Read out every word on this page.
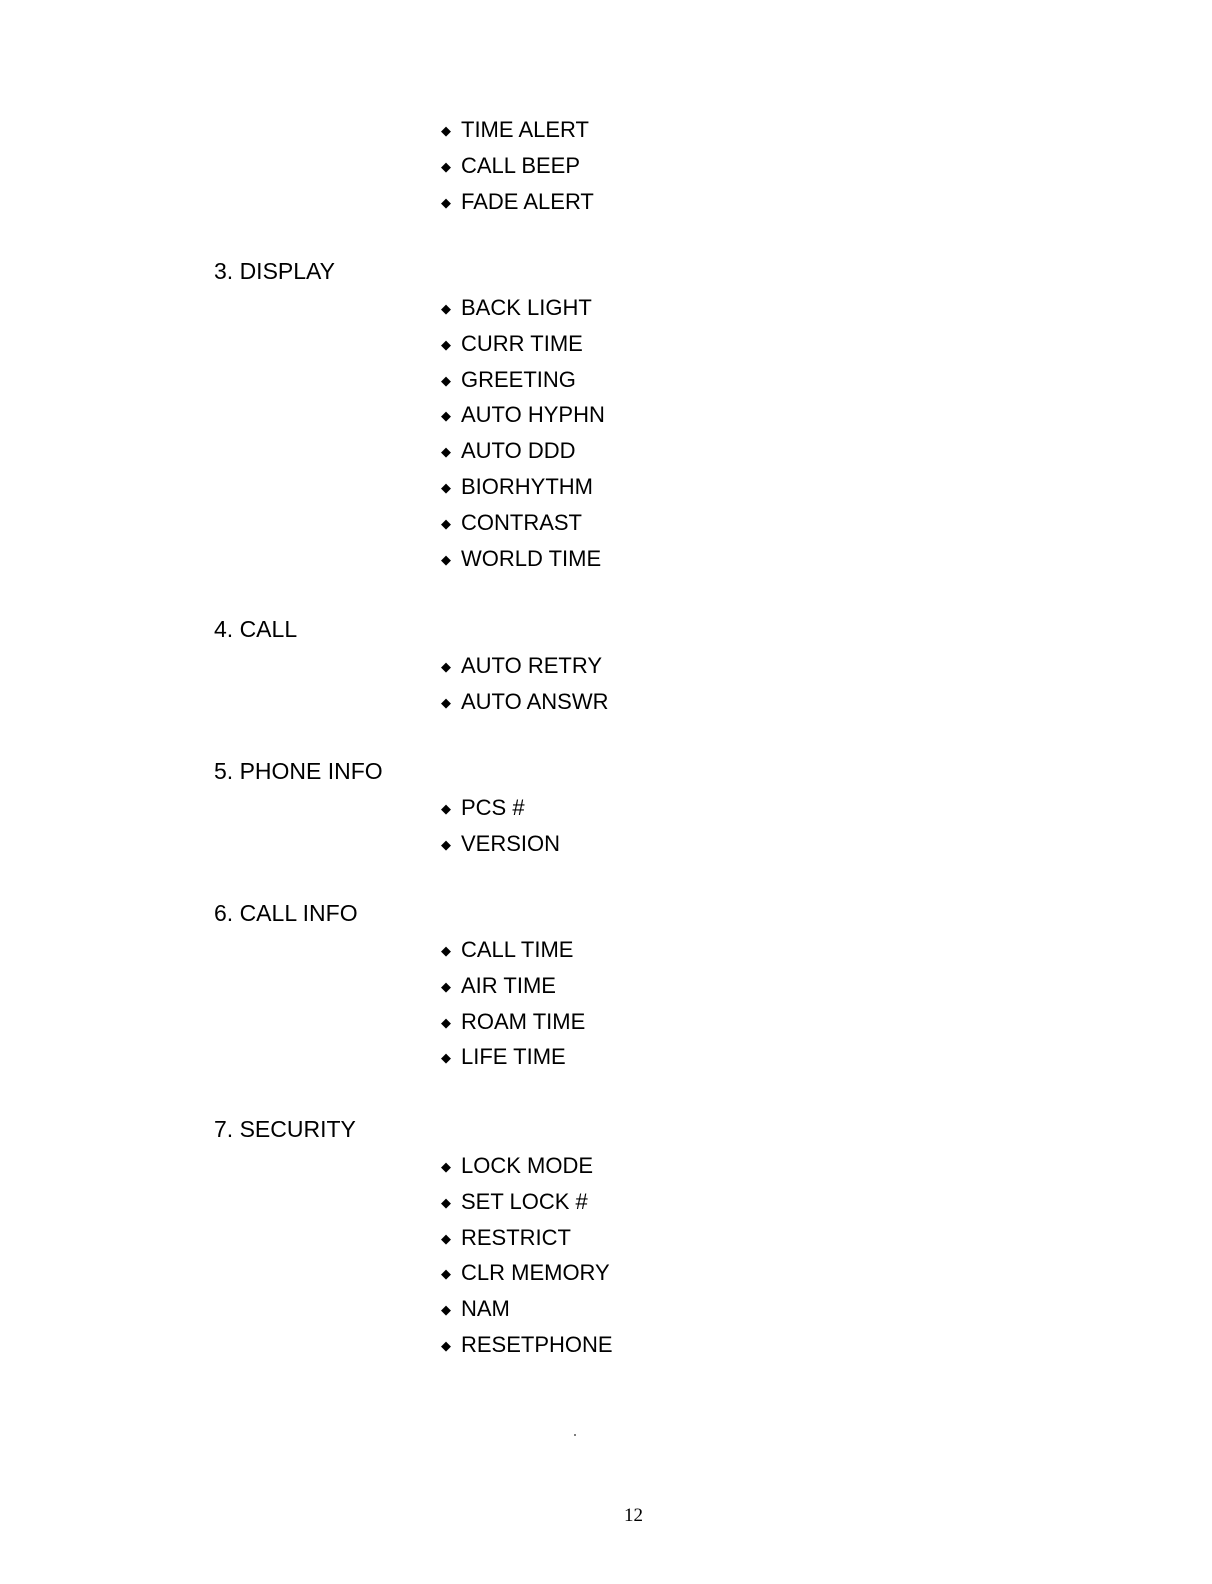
◆ TIME ALERT
◆ CALL BEEP
◆ FADE ALERT
3. DISPLAY
◆ BACK LIGHT
◆ CURR TIME
◆ GREETING
◆ AUTO HYPHN
◆ AUTO DDD
◆ BIORHYTHM
◆ CONTRAST
◆ WORLD TIME
4. CALL
◆ AUTO RETRY
◆ AUTO ANSWR
5. PHONE INFO
◆ PCS #
◆ VERSION
6. CALL INFO
◆ CALL TIME
◆ AIR TIME
◆ ROAM TIME
◆ LIFE TIME
7. SECURITY
◆ LOCK MODE
◆ SET LOCK #
◆ RESTRICT
◆ CLR MEMORY
◆ NAM
◆ RESETPHONE
12
